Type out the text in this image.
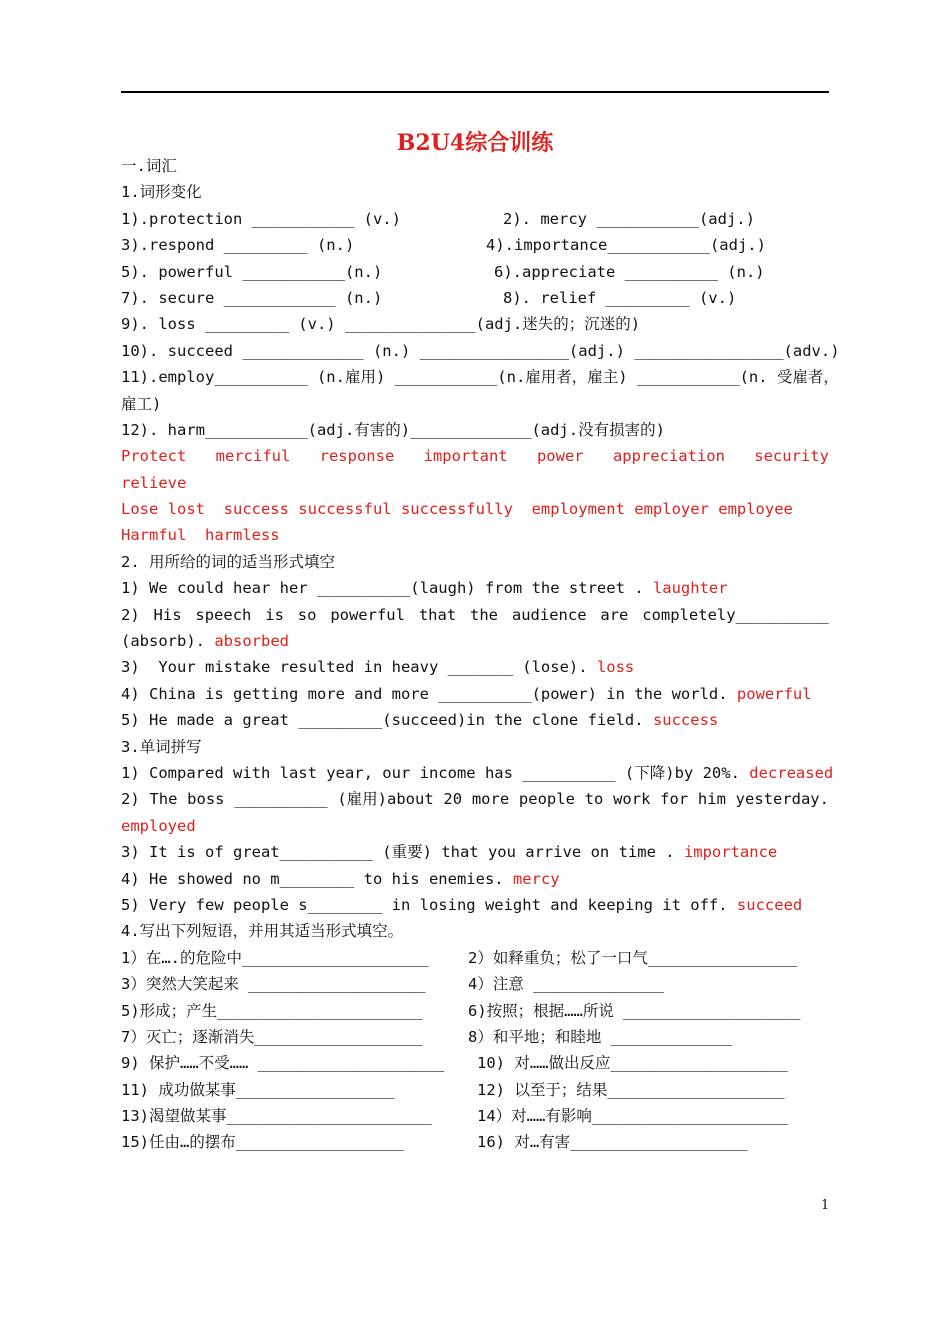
B2U4综合训练
一.词汇
1.词形变化

1).protection ___________ (v.)

	2). mercy ___________(adj.)

3).respond _________ (n.)

	4).importance___________(adj.)

5). powerful ___________(n.)

	6).appreciate __________ (n.)

7). secure ____________ (n.)

	8). relief _________ (v.)

9). loss _________ (v.) ______________(adj.迷失的；沉迷的)
10). succeed _____________ (n.) ________________(adj.) ________________(adv.)
11).employ__________ (n.雇用) ___________(n.雇用者，雇主) ___________(n. 受雇者，
雇工)
12). harm___________(adj.有害的)_____________(adj.没有损害的)
Protect merciful response important power appreciation security
relieve
Lose lost  success successful successfully  employment employer employee
Harmful  harmless
2. 用所给的词的适当形式填空
1) We could hear her __________(laugh) from the street . laughter
2) His speech is so powerful that the audience are completely__________
(absorb). absorbed
3)  Your mistake resulted in heavy _______ (lose). loss
4) China is getting more and more __________(power) in the world. powerful
5) He made a great _________(succeed)in the clone field. success
3.单词拼写
1) Compared with last year, our income has __________ (下降)by 20%. decreased
2) The boss __________ (雇用)about 20 more people to work for him yesterday.
employed
3) It is of great__________ (重要) that you arrive on time . importance
4) He showed no m________ to his enemies. mercy
5) Very few people s________ in losing weight and keeping it off. succeed
4.写出下列短语，并用其适当形式填空。

1）在….的危险中____________________

	2）如释重负；松了一口气________________

3）突然大笑起来 ___________________

	4）注意 ______________

5)形成；产生______________________

	6)按照；根据……所说 ___________________

7）灭亡；逐渐消失__________________

	8）和平地；和睦地 _____________

9) 保护……不受…… ____________________

10) 对……做出反应___________________

11) 成功做某事_________________

	12) 以至于；结果___________________

13)渴望做某事______________________

	14）对……有影响_____________________

15)任由…的摆布__________________

	16) 对…有害___________________

1
